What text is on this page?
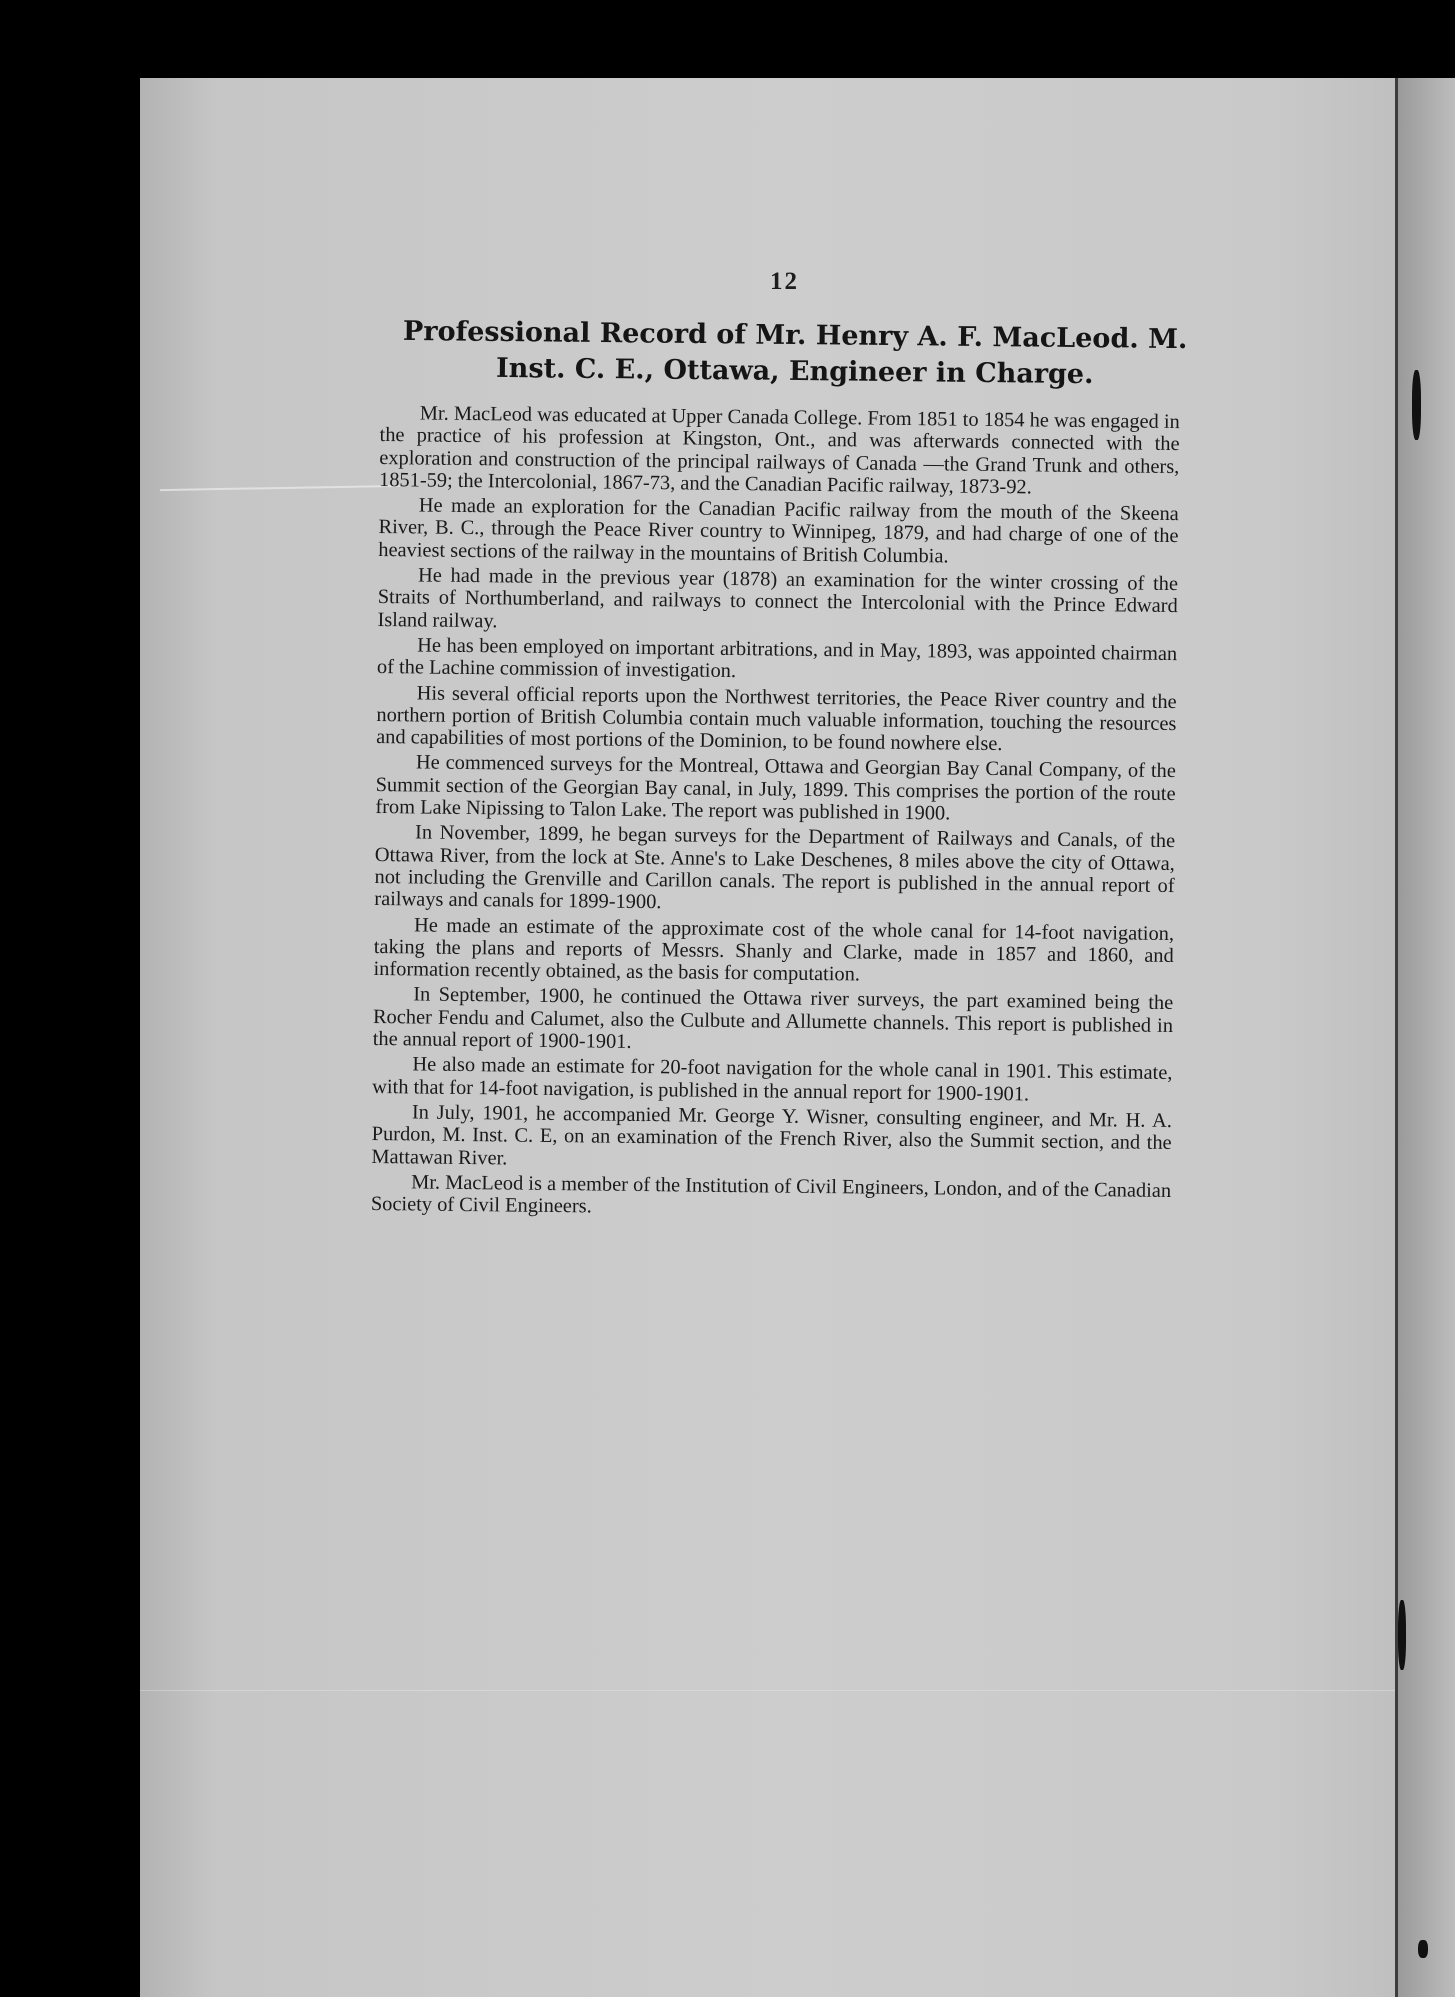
12
Professional Record of Mr. Henry A. F. MacLeod. M. Inst. C. E., Ottawa, Engineer in Charge.

Mr. MacLeod was educated at Upper Canada College. From 1851 to 1854 he was engaged in the practice of his profession at Kingston, Ont., and was afterwards connected with the exploration and construction of the principal railways of Canada —the Grand Trunk and others, 1851-59; the Intercolonial, 1867-73, and the Canadian Pacific railway, 1873-92.

He made an exploration for the Canadian Pacific railway from the mouth of the Skeena River, B. C., through the Peace River country to Winnipeg, 1879, and had charge of one of the heaviest sections of the railway in the mountains of British Columbia.

He had made in the previous year (1878) an examination for the winter crossing of the Straits of Northumberland, and railways to connect the Intercolonial with the Prince Edward Island railway.

He has been employed on important arbitrations, and in May, 1893, was appointed chairman of the Lachine commission of investigation.

His several official reports upon the Northwest territories, the Peace River country and the northern portion of British Columbia contain much valuable information, touching the resources and capabilities of most portions of the Dominion, to be found nowhere else.

He commenced surveys for the Montreal, Ottawa and Georgian Bay Canal Company, of the Summit section of the Georgian Bay canal, in July, 1899. This comprises the portion of the route from Lake Nipissing to Talon Lake. The report was published in 1900.

In November, 1899, he began surveys for the Department of Railways and Canals, of the Ottawa River, from the lock at Ste. Anne's to Lake Deschenes, 8 miles above the city of Ottawa, not including the Grenville and Carillon canals. The report is published in the annual report of railways and canals for 1899-1900.

He made an estimate of the approximate cost of the whole canal for 14-foot navigation, taking the plans and reports of Messrs. Shanly and Clarke, made in 1857 and 1860, and information recently obtained, as the basis for computation.

In September, 1900, he continued the Ottawa river surveys, the part examined being the Rocher Fendu and Calumet, also the Culbute and Allumette channels. This report is published in the annual report of 1900-1901.

He also made an estimate for 20-foot navigation for the whole canal in 1901. This estimate, with that for 14-foot navigation, is published in the annual report for 1900-1901.

In July, 1901, he accompanied Mr. George Y. Wisner, consulting engineer, and Mr. H. A. Purdon, M. Inst. C. E, on an examination of the French River, also the Summit section, and the Mattawan River.

Mr. MacLeod is a member of the Institution of Civil Engineers, London, and of the Canadian Society of Civil Engineers.
